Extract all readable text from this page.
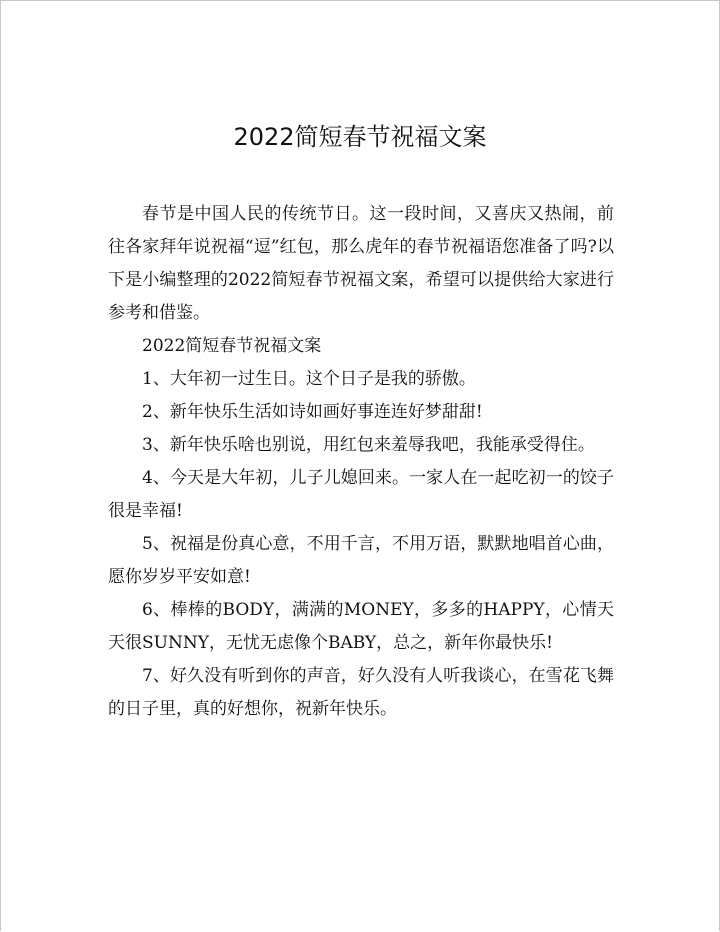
2022简短春节祝福文案

春节是中国人民的传统节日。这一段时间，又喜庆又热闹，前往各家拜年说祝福“逗”红包，那么虎年的春节祝福语您准备了吗?以下是小编整理的2022简短春节祝福文案，希望可以提供给大家进行参考和借鉴。

2022简短春节祝福文案

1、大年初一过生日。这个日子是我的骄傲。

2、新年快乐生活如诗如画好事连连好梦甜甜!

3、新年快乐啥也别说，用红包来羞辱我吧，我能承受得住。

4、今天是大年初，儿子儿媳回来。一家人在一起吃初一的饺子很是幸福!

5、祝福是份真心意，不用千言，不用万语，默默地唱首心曲，愿你岁岁平安如意!

6、棒棒的BODY，满满的MONEY，多多的HAPPY，心情天天很SUNNY，无忧无虑像个BABY，总之，新年你最快乐!

7、好久没有听到你的声音，好久没有人听我谈心，在雪花飞舞的日子里，真的好想你，祝新年快乐。
